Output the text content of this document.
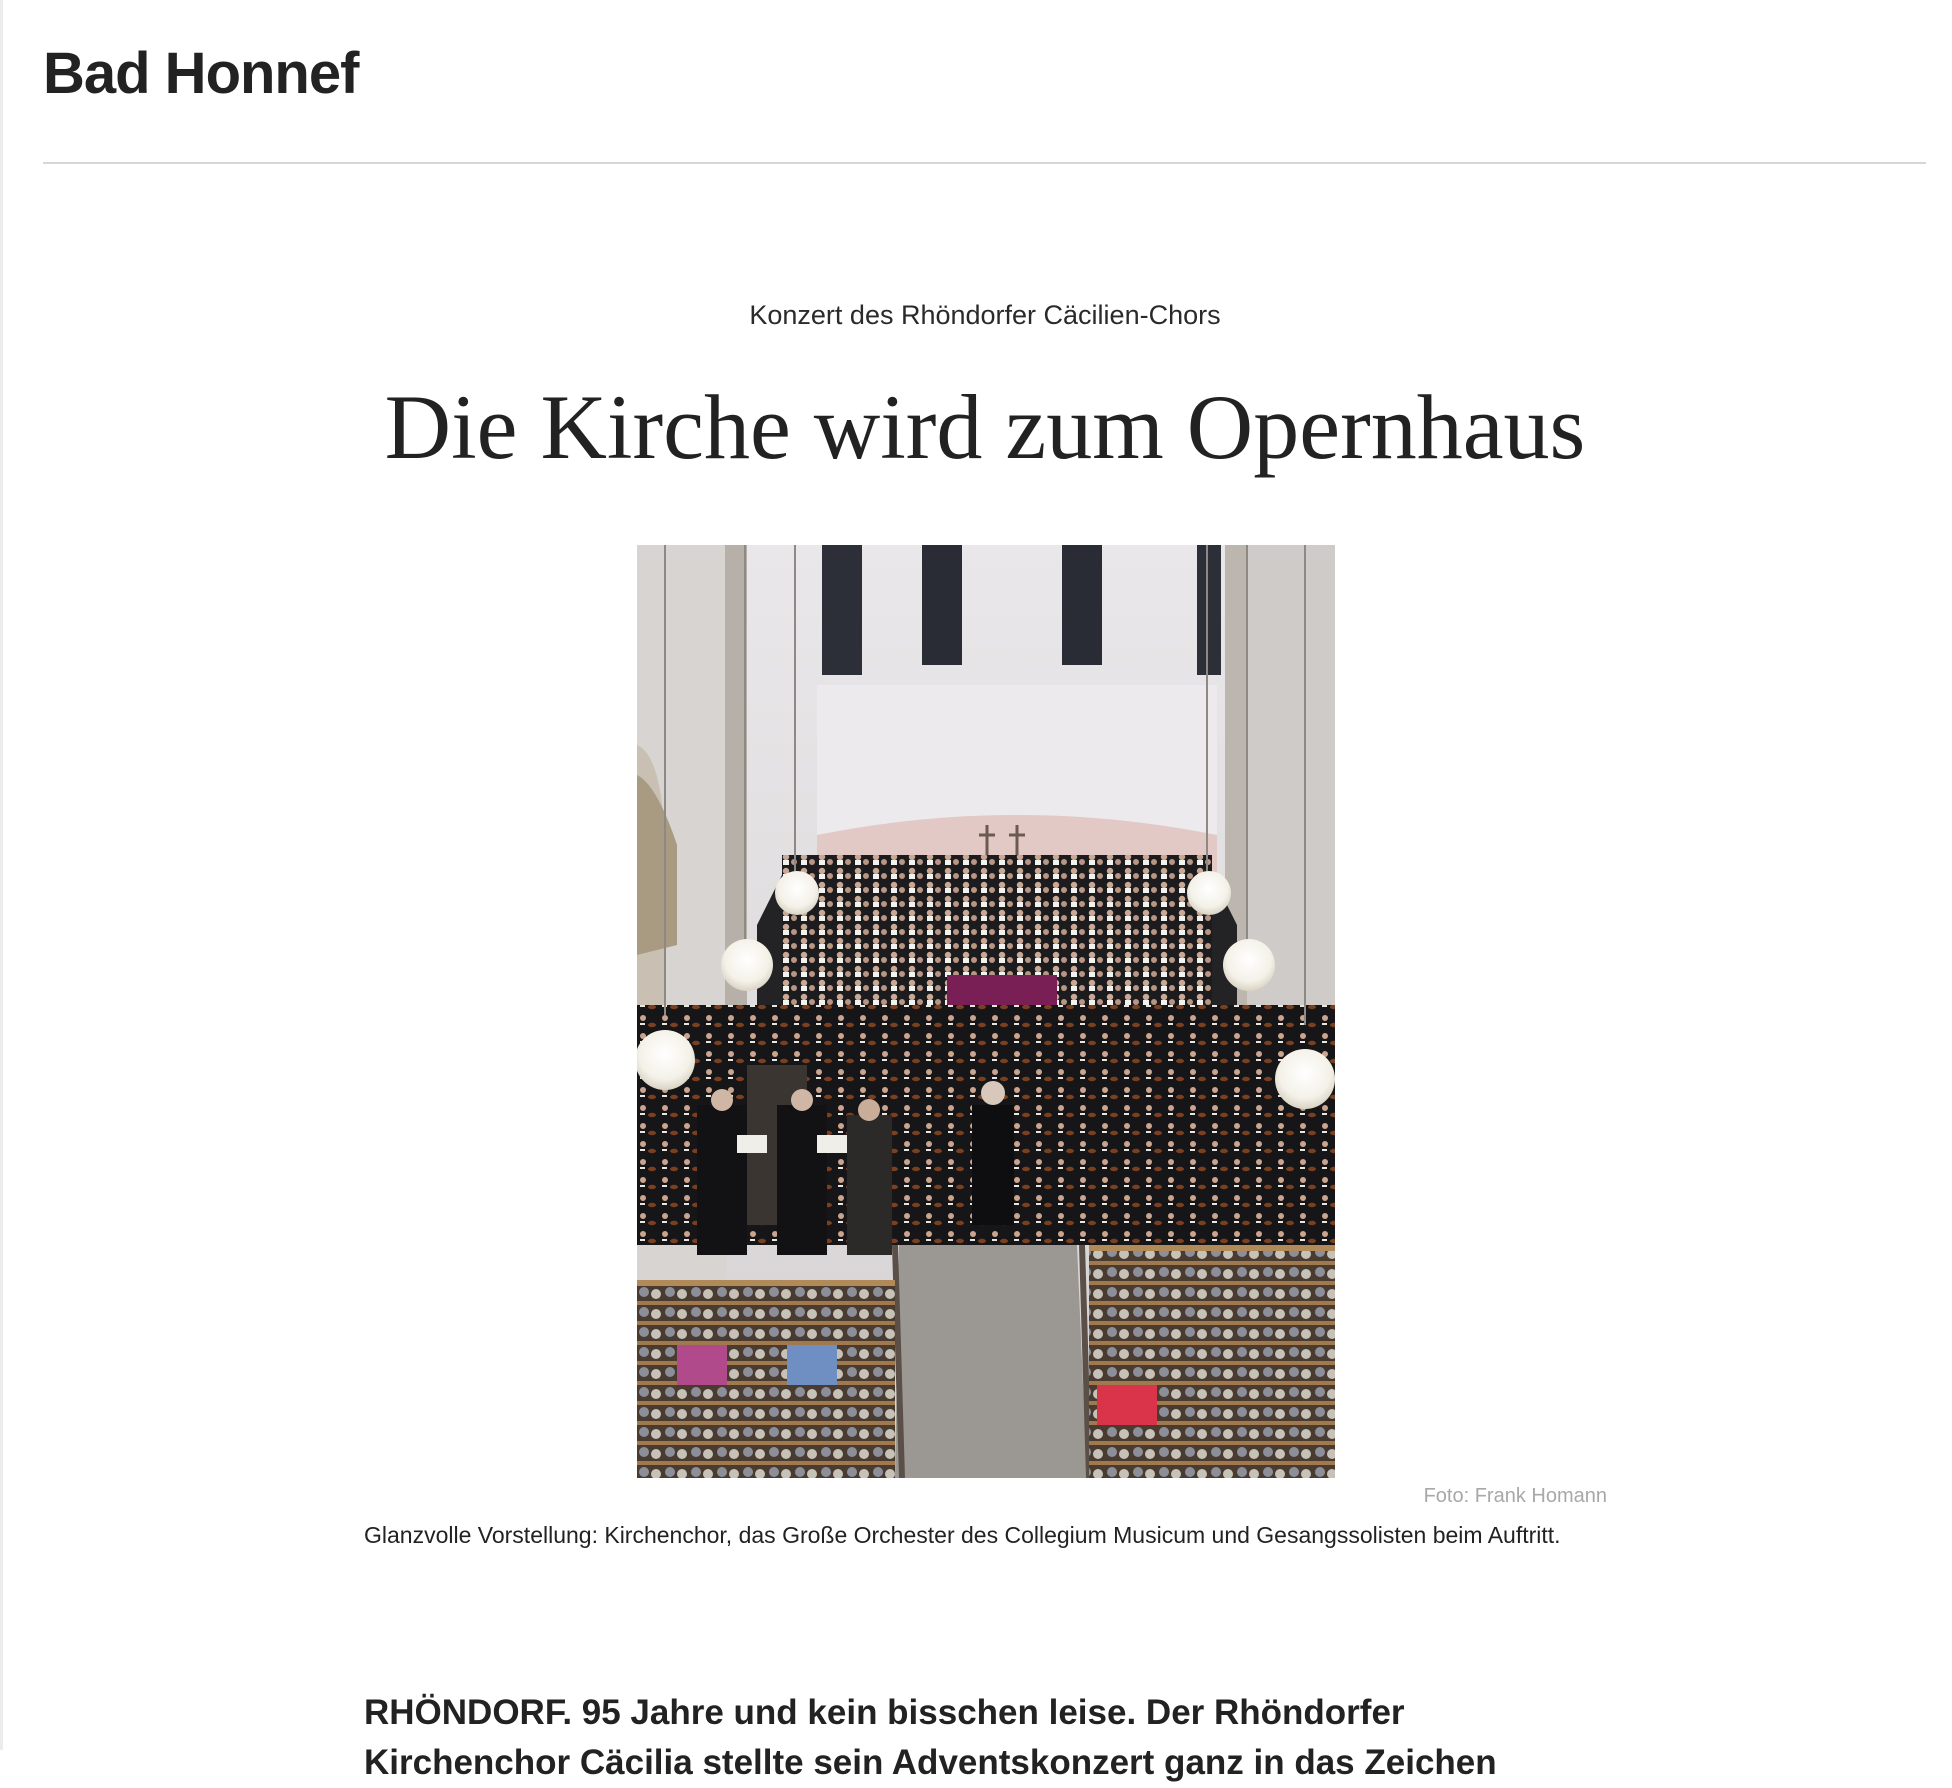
Bad Honnef
Konzert des Rhöndorfer Cäcilien-Chors
Die Kirche wird zum Opernhaus
Foto: Frank Homann
Glanzvolle Vorstellung: Kirchenchor, das Große Orchester des Collegium Musicum und Gesangssolisten beim Auftritt.

RHÖNDORF. 95 Jahre und kein bisschen leise. Der Rhöndorfer Kirchenchor Cäcilia stellte sein Adventskonzert ganz in das Zeichen
